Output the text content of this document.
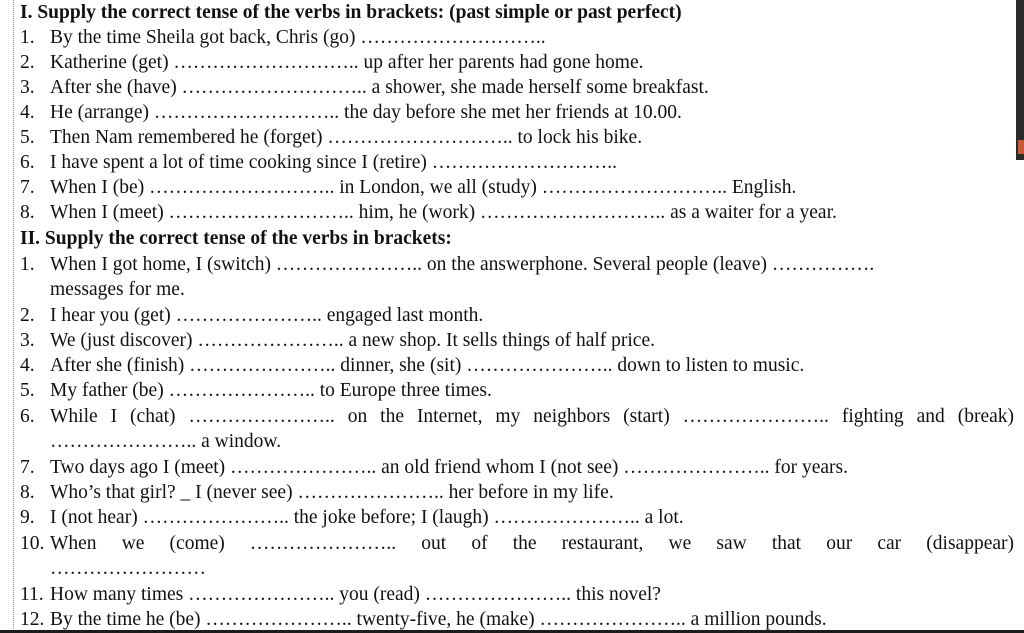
I. Supply the correct tense of the verbs in brackets: (past simple or past perfect)
1. By the time Sheila got back, Chris (go) ………………………..
2. Katherine (get) ……………………….. up after her parents had gone home.
3. After she (have) ……………………….. a shower, she made herself some breakfast.
4. He (arrange) ……………………….. the day before she met her friends at 10.00.
5. Then Nam remembered he (forget) ……………………….. to lock his bike.
6. I have spent a lot of time cooking since I (retire) ………………………..
7. When I (be) ……………………….. in London, we all (study) ……………………….. English.
8. When I (meet) ……………………….. him, he (work) ……………………….. as a waiter for a year.
II. Supply the correct tense of the verbs in brackets:
1. When I got home, I (switch) ………………….. on the answerphone. Several people (leave) …………….
messages for me.
2. I hear you (get) ………………….. engaged last month.
3. We (just discover) ………………….. a new shop. It sells things of half price.
4. After she (finish) ………………….. dinner, she (sit) ………………….. down to listen to music.
5. My father (be) ………………….. to Europe three times.
6. While I (chat) ………………….. on the Internet, my neighbors (start) ………………….. fighting and (break)
………………….. a window.
7. Two days ago I (meet) ………………….. an old friend whom I (not see) ………………….. for years.
8. Who’s that girl? _ I (never see) ………………….. her before in my life.
9. I (not hear) ………………….. the joke before; I (laugh) ………………….. a lot.
10. When we (come) ………………….. out of the restaurant, we saw that our car (disappear)
……………………
11. How many times ………………….. you (read) ………………….. this novel?
12. By the time he (be) ………………….. twenty-five, he (make) ………………….. a million pounds.
